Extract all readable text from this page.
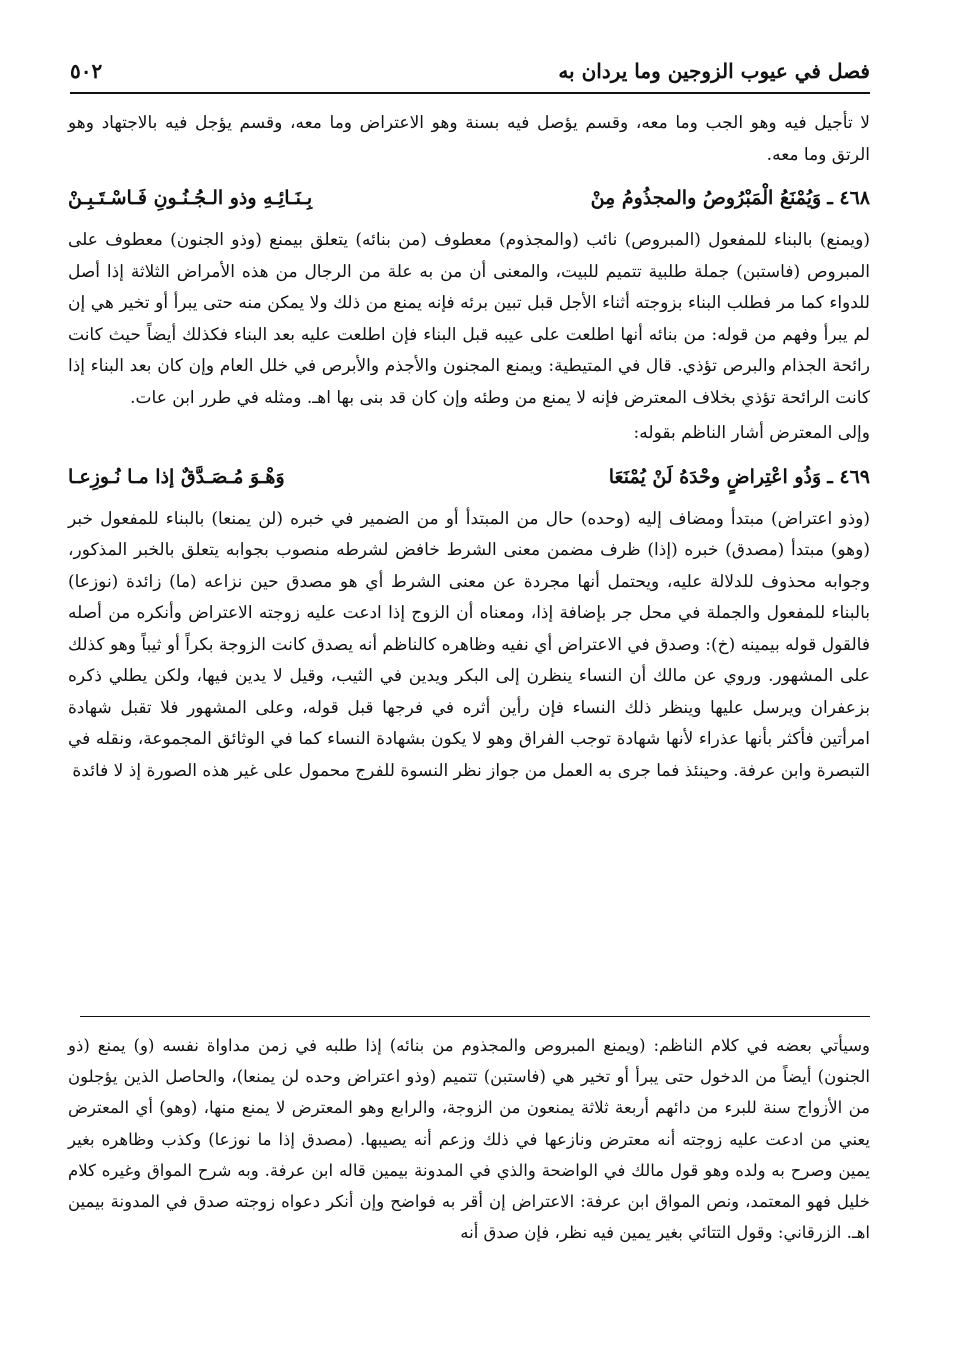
فصل في عيوب الزوجين وما يردان به
٥٠٢

لا تأجيل فيه وهو الجب وما معه، وقسم يؤصل فيه بسنة وهو الاعتراض وما معه، وقسم يؤجل فيه بالاجتهاد وهو الرتق وما معه.

٤٦٨ ـ
وَيُمْنَعُ الْمَبْرُوصُ والمجذُومُ مِنْ
بِـنَـائِـهِ وذو الـجُـنُـونِ فَـاسْـتَـبِـنْ

(ويمنع) بالبناء للمفعول (المبروص) نائب (والمجذوم) معطوف (من بنائه) يتعلق بيمنع (وذو الجنون) معطوف على المبروص (فاستبن) جملة طلبية تتميم للبيت، والمعنى أن من به علة من الرجال من هذه الأمراض الثلاثة إذا أصل للدواء كما مر فطلب البناء بزوجته أثناء الأجل قبل تبين برئه فإنه يمنع من ذلك ولا يمكن منه حتى يبرأ أو تخير هي إن لم يبرأ وفهم من قوله: من بنائه أنها اطلعت على عيبه قبل البناء فإن اطلعت عليه بعد البناء فكذلك أيضاً حيث كانت رائحة الجذام والبرص تؤذي. قال في المتيطية: ويمنع المجنون والأجذم والأبرص في خلل العام وإن كان بعد البناء إذا كانت الرائحة تؤذي بخلاف المعترض فإنه لا يمنع من وطئه وإن كان قد بنى بها اهـ. ومثله في طرر ابن عات.

وإلى المعترض أشار الناظم بقوله:

٤٦٩ ـ
وَذُو اعْتِراضٍ وحْدَهُ لَنْ يُمْنَعَا
وَهْـوَ مُـصَـدَّقٌ إذا مـا نُـوزِعـا

(وذو اعتراض) مبتدأ ومضاف إليه (وحده) حال من المبتدأ أو من الضمير في خبره (لن يمنعا) بالبناء للمفعول خبر (وهو) مبتدأ (مصدق) خبره (إذا) ظرف مضمن معنى الشرط خافض لشرطه منصوب بجوابه يتعلق بالخبر المذكور، وجوابه محذوف للدلالة عليه، ويحتمل أنها مجردة عن معنى الشرط أي هو مصدق حين نزاعه (ما) زائدة (نوزعا) بالبناء للمفعول والجملة في محل جر بإضافة إذا، ومعناه أن الزوج إذا ادعت عليه زوجته الاعتراض وأنكره من أصله فالقول قوله بيمينه (خ): وصدق في الاعتراض أي نفيه وظاهره كالناظم أنه يصدق كانت الزوجة بكراً أو ثيباً وهو كذلك على المشهور. وروي عن مالك أن النساء ينظرن إلى البكر ويدين في الثيب، وقيل لا يدين فيها، ولكن يطلي ذكره بزعفران ويرسل عليها وينظر ذلك النساء فإن رأين أثره في فرجها قبل قوله، وعلى المشهور فلا تقبل شهادة امرأتين فأكثر بأنها عذراء لأنها شهادة توجب الفراق وهو لا يكون بشهادة النساء كما في الوثائق المجموعة، ونقله في التبصرة وابن عرفة. وحينئذ فما جرى به العمل من جواز نظر النسوة للفرج محمول على غير هذه الصورة إذ لا فائدة

وسيأتي بعضه في كلام الناظم: (ويمنع المبروص والمجذوم من بنائه) إذا طلبه في زمن مداواة نفسه (و) يمنع (ذو الجنون) أيضاً من الدخول حتى يبرأ أو تخير هي (فاستبن) تتميم (وذو اعتراض وحده لن يمنعا)، والحاصل الذين يؤجلون من الأزواج سنة للبرء من دائهم أربعة ثلاثة يمنعون من الزوجة، والرابع وهو المعترض لا يمنع منها، (وهو) أي المعترض يعني من ادعت عليه زوجته أنه معترض ونازعها في ذلك وزعم أنه يصيبها. (مصدق إذا ما نوزعا) وكذب وظاهره بغير يمين وصرح به ولده وهو قول مالك في الواضحة والذي في المدونة بيمين قاله ابن عرفة. وبه شرح المواق وغيره كلام خليل فهو المعتمد، ونص المواق ابن عرفة: الاعتراض إن أقر به فواضح وإن أنكر دعواه زوجته صدق في المدونة بيمين اهـ. الزرقاني: وقول التتائي بغير يمين فيه نظر، فإن صدق أنه
